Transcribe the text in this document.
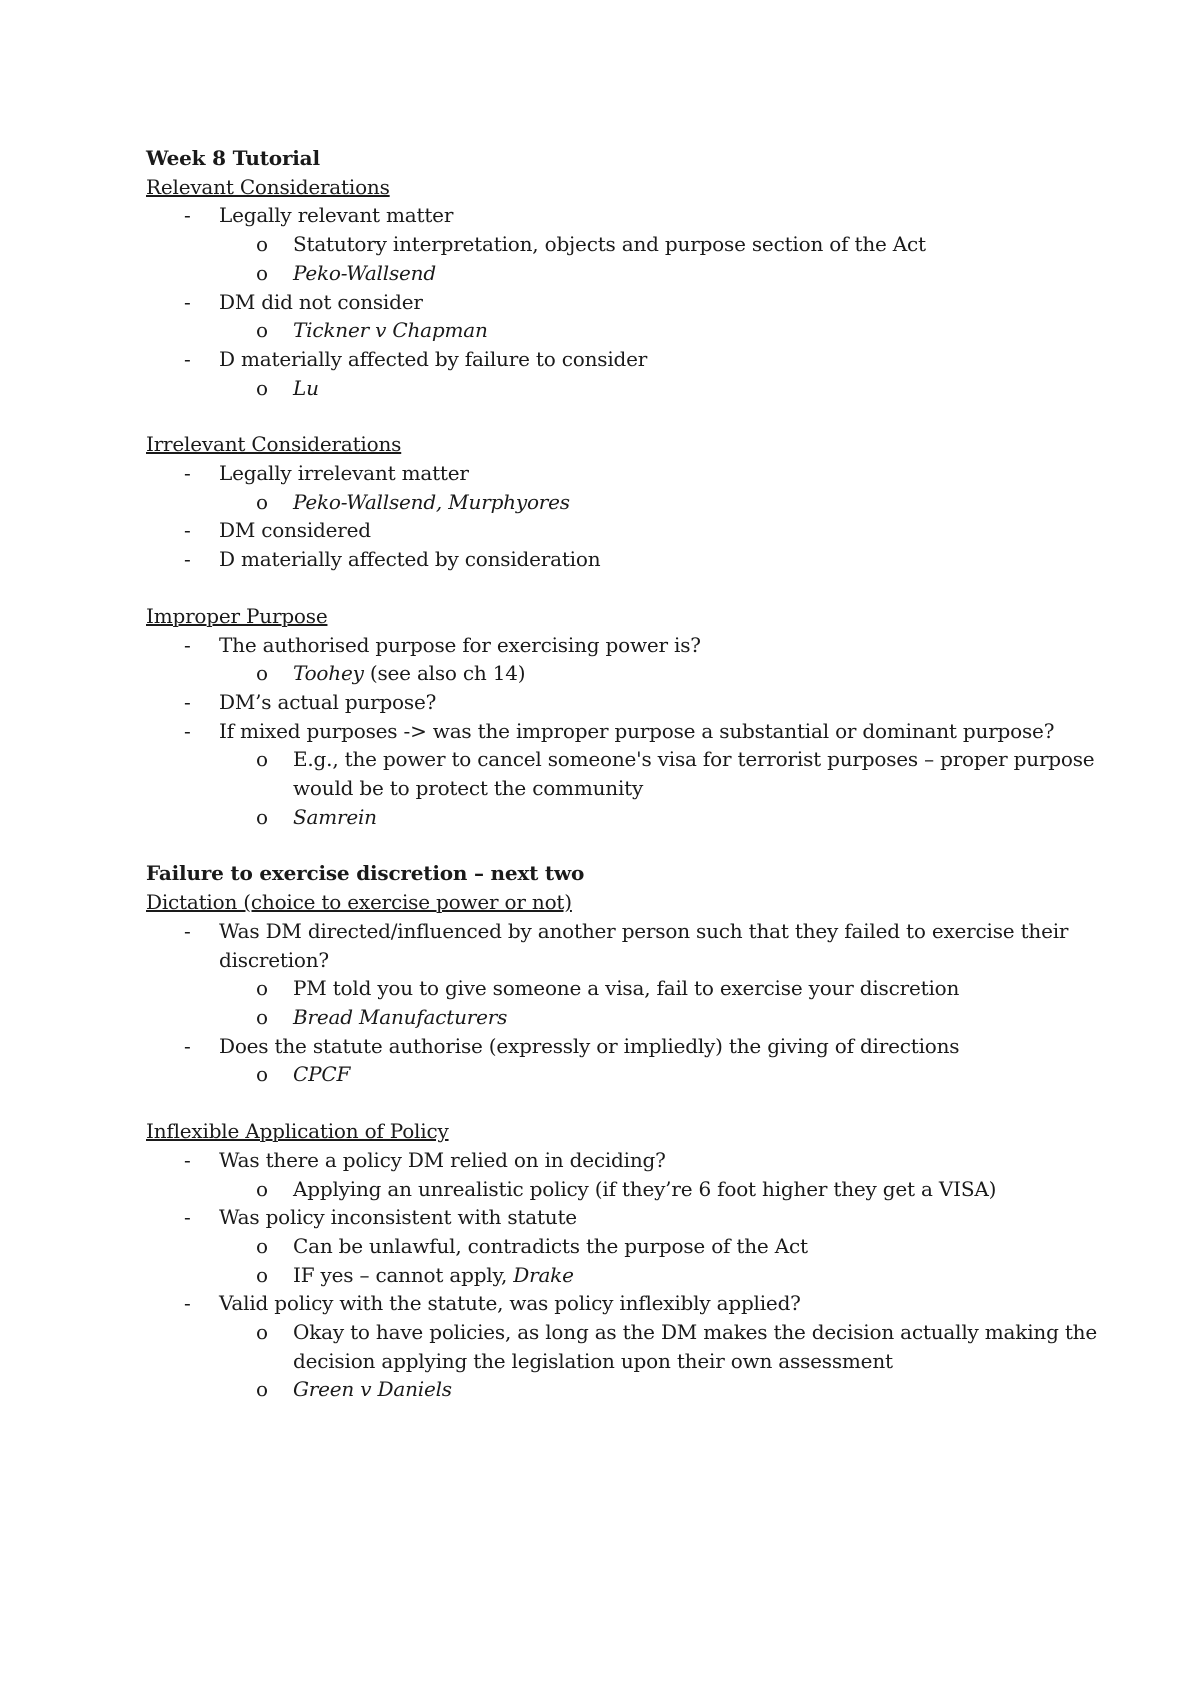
Week 8 Tutorial
Relevant Considerations
- Legally relevant matter
o Statutory interpretation, objects and purpose section of the Act
o Peko-Wallsend
- DM did not consider
o Tickner v Chapman
- D materially affected by failure to consider
o Lu
Irrelevant Considerations
- Legally irrelevant matter
o Peko-Wallsend, Murphyores
- DM considered
- D materially affected by consideration
Improper Purpose
- The authorised purpose for exercising power is?
o Toohey (see also ch 14)
- DM’s actual purpose?
- If mixed purposes -> was the improper purpose a substantial or dominant purpose?
o E.g., the power to cancel someone's visa for terrorist purposes – proper purpose would be to protect the community
o Samrein
Failure to exercise discretion – next two
Dictation (choice to exercise power or not)
- Was DM directed/influenced by another person such that they failed to exercise their discretion?
o PM told you to give someone a visa, fail to exercise your discretion
o Bread Manufacturers
- Does the statute authorise (expressly or impliedly) the giving of directions
o CPCF
Inflexible Application of Policy
- Was there a policy DM relied on in deciding?
o Applying an unrealistic policy (if they’re 6 foot higher they get a VISA)
- Was policy inconsistent with statute
o Can be unlawful, contradicts the purpose of the Act
o IF yes – cannot apply, Drake
- Valid policy with the statute, was policy inflexibly applied?
o Okay to have policies, as long as the DM makes the decision actually making the decision applying the legislation upon their own assessment
o Green v Daniels
